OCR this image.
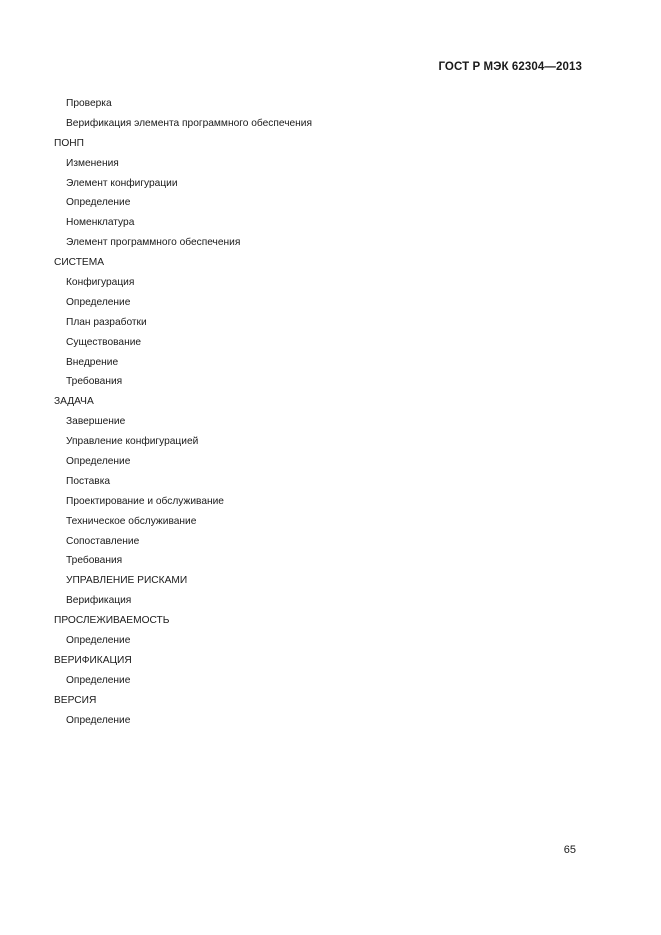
ГОСТ Р МЭК 62304—2013
Проверка
Верификация элемента программного обеспечения
ПОНП
Изменения
Элемент конфигурации
Определение
Номенклатура
Элемент программного обеспечения
СИСТЕМА
Конфигурация
Определение
План разработки
Существование
Внедрение
Требования
ЗАДАЧА
Завершение
Управление конфигурацией
Определение
Поставка
Проектирование и обслуживание
Техническое обслуживание
Сопоставление
Требования
УПРАВЛЕНИЕ РИСКАМИ
Верификация
ПРОСЛЕЖИВАЕМОСТЬ
Определение
ВЕРИФИКАЦИЯ
Определение
ВЕРСИЯ
Определение
65
